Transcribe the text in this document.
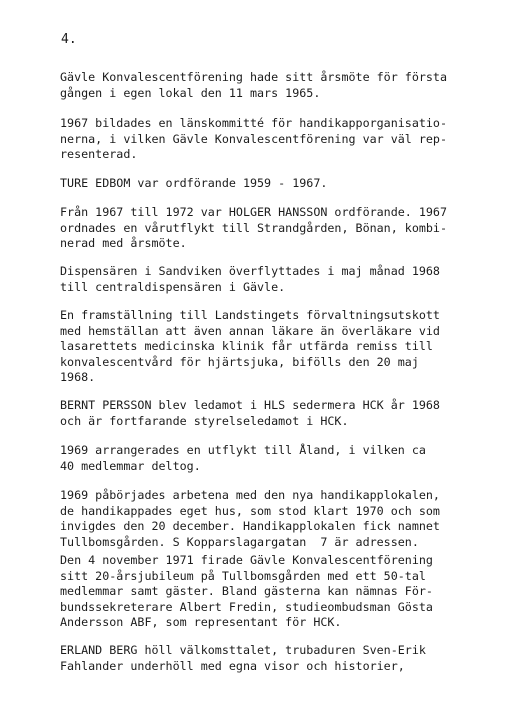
4.

Gävle Konvalescentförening hade sitt årsmöte för första
gången i egen lokal den 11 mars 1965.
1967 bildades en länskommitté för handikapporganisatio-
nerna, i vilken Gävle Konvalescentförening var väl rep-
resenterad.
TURE EDBOM var ordförande 1959 - 1967.
Från 1967 till 1972 var HOLGER HANSSON ordförande. 1967
ordnades en vårutflykt till Strandgården, Bönan, kombi-
nerad med årsmöte.
Dispensären i Sandviken överflyttades i maj månad 1968
till centraldispensären i Gävle.
En framställning till Landstingets förvaltningsutskott
med hemställan att även annan läkare än överläkare vid
lasarettets medicinska klinik får utfärda remiss till
konvalescentvård för hjärtsjuka, bifölls den 20 maj
1968.
BERNT PERSSON blev ledamot i HLS sedermera HCK år 1968
och är fortfarande styrelseledamot i HCK.
1969 arrangerades en utflykt till Åland, i vilken ca
40 medlemmar deltog.
1969 påbörjades arbetena med den nya handikapplokalen,
de handikappades eget hus, som stod klart 1970 och som
invigdes den 20 december. Handikapplokalen fick namnet
Tullbomsgården. S Kopparslagargatan  7 är adressen.
Den 4 november 1971 firade Gävle Konvalescentförening
sitt 20-årsjubileum på Tullbomsgården med ett 50-tal
medlemmar samt gäster. Bland gästerna kan nämnas För-
bundssekreterare Albert Fredin, studieombudsman Gösta
Andersson ABF, som representant för HCK.
ERLAND BERG höll välkomsttalet, trubaduren Sven-Erik
Fahlander underhöll med egna visor och historier,
